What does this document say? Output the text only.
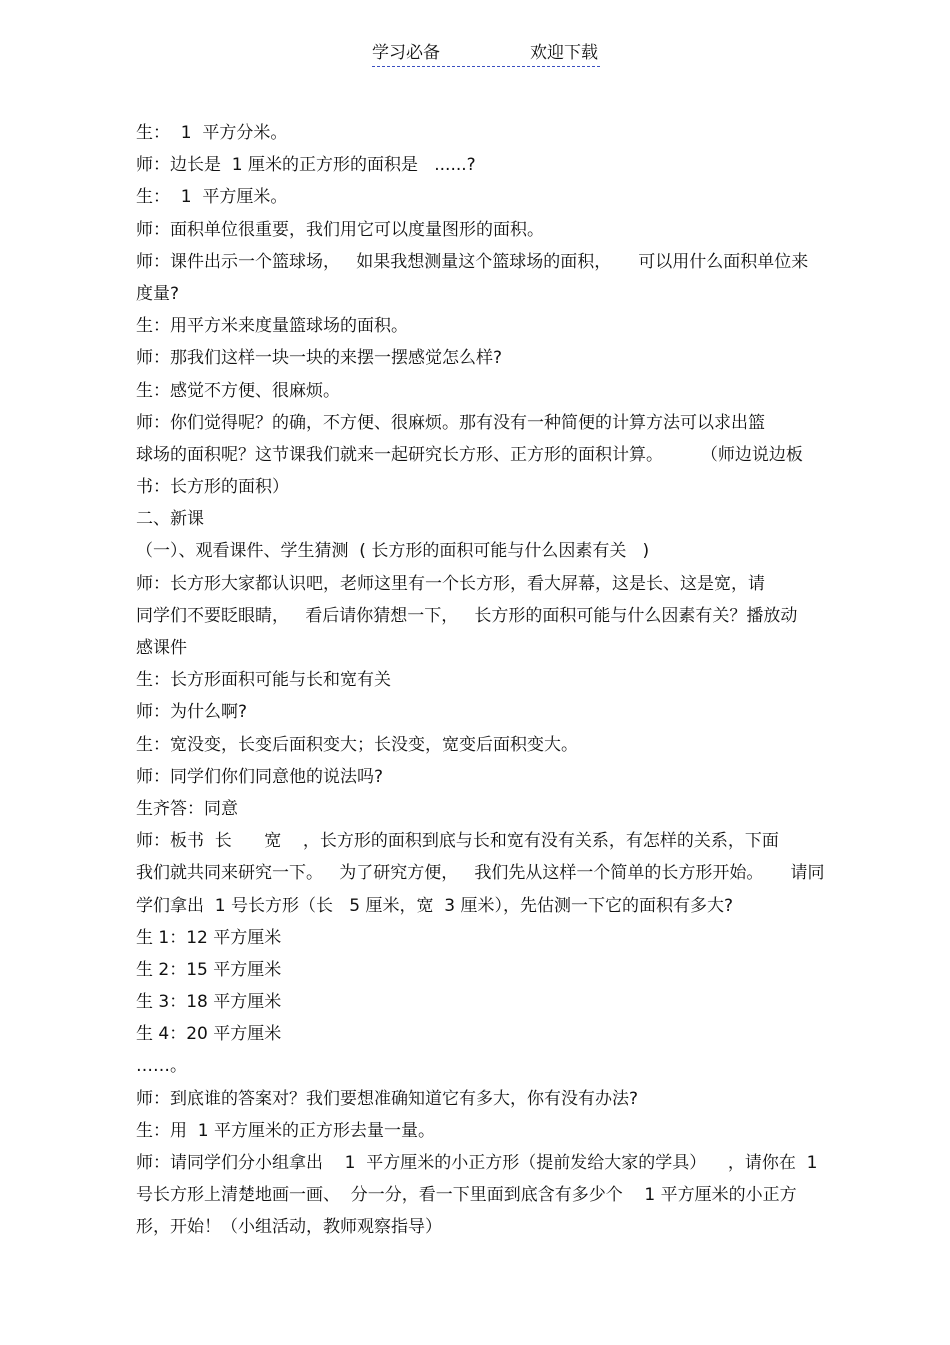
学习必备	欢迎下载
生：  1  平方分米。
师：边长是  1 厘米的正方形的面积是   ......?
生：  1  平方厘米。
师：面积单位很重要，我们用它可以度量图形的面积。
师：课件出示一个篮球场，   如果我想测量这个篮球场的面积，     可以用什么面积单位来
度量?
生：用平方米来度量篮球场的面积。
师：那我们这样一块一块的来摆一摆感觉怎么样?
生：感觉不方便、很麻烦。
师：你们觉得呢？的确，不方便、很麻烦。那有没有一种简便的计算方法可以求出篮
球场的面积呢？这节课我们就来一起研究长方形、正方形的面积计算。       （师边说边板
书：长方形的面积）
二、新课
（一）、观看课件、学生猜测  ( 长方形的面积可能与什么因素有关   )
师：长方形大家都认识吧，老师这里有一个长方形，看大屏幕，这是长、这是宽，请
同学们不要眨眼睛，   看后请你猜想一下，   长方形的面积可能与什么因素有关？播放动
感课件
生：长方形面积可能与长和宽有关
师：为什么啊?
生：宽没变，长变后面积变大；长没变，宽变后面积变大。
师：同学们你们同意他的说法吗?
生齐答：同意
师：板书  长      宽    ，长方形的面积到底与长和宽有没有关系，有怎样的关系，下面
我们就共同来研究一下。   为了研究方便，   我们先从这样一个简单的长方形开始。     请同
学们拿出  1 号长方形（长   5 厘米，宽  3 厘米），先估测一下它的面积有多大?
生 1：12 平方厘米
生 2：15 平方厘米
生 3：18 平方厘米
生 4：20 平方厘米
……。
师：到底谁的答案对？我们要想准确知道它有多大，你有没有办法?
生：用  1 平方厘米的正方形去量一量。
师：请同学们分小组拿出    1  平方厘米的小正方形（提前发给大家的学具）    ，请你在  1
号长方形上清楚地画一画、  分一分，看一下里面到底含有多少个    1 平方厘米的小正方
形，开始！（小组活动，教师观察指导）
